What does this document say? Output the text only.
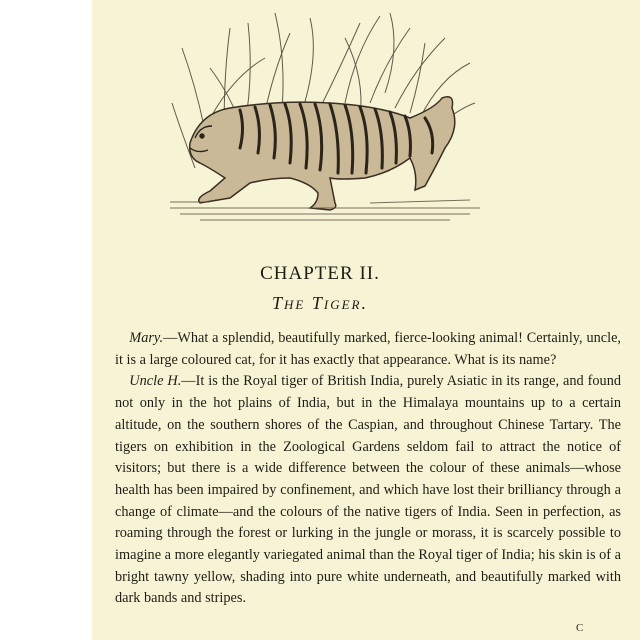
CHAPTER II.
The Tiger.

Mary.—What a splendid, beautifully marked, fierce-looking animal! Certainly, uncle, it is a large coloured cat, for it has exactly that appearance. What is its name?

Uncle H.—It is the Royal tiger of British India, purely Asiatic in its range, and found not only in the hot plains of India, but in the Himalaya mountains up to a certain altitude, on the southern shores of the Caspian, and throughout Chinese Tartary. The tigers on exhibition in the Zoological Gardens seldom fail to attract the notice of visitors; but there is a wide difference between the colour of these animals—whose health has been impaired by confinement, and which have lost their brilliancy through a change of climate—and the colours of the native tigers of India. Seen in perfection, as roaming through the forest or lurking in the jungle or morass, it is scarcely possible to imagine a more elegantly variegated animal than the Royal tiger of India; his skin is of a bright tawny yellow, shading into pure white underneath, and beautifully marked with dark bands and stripes.

C
